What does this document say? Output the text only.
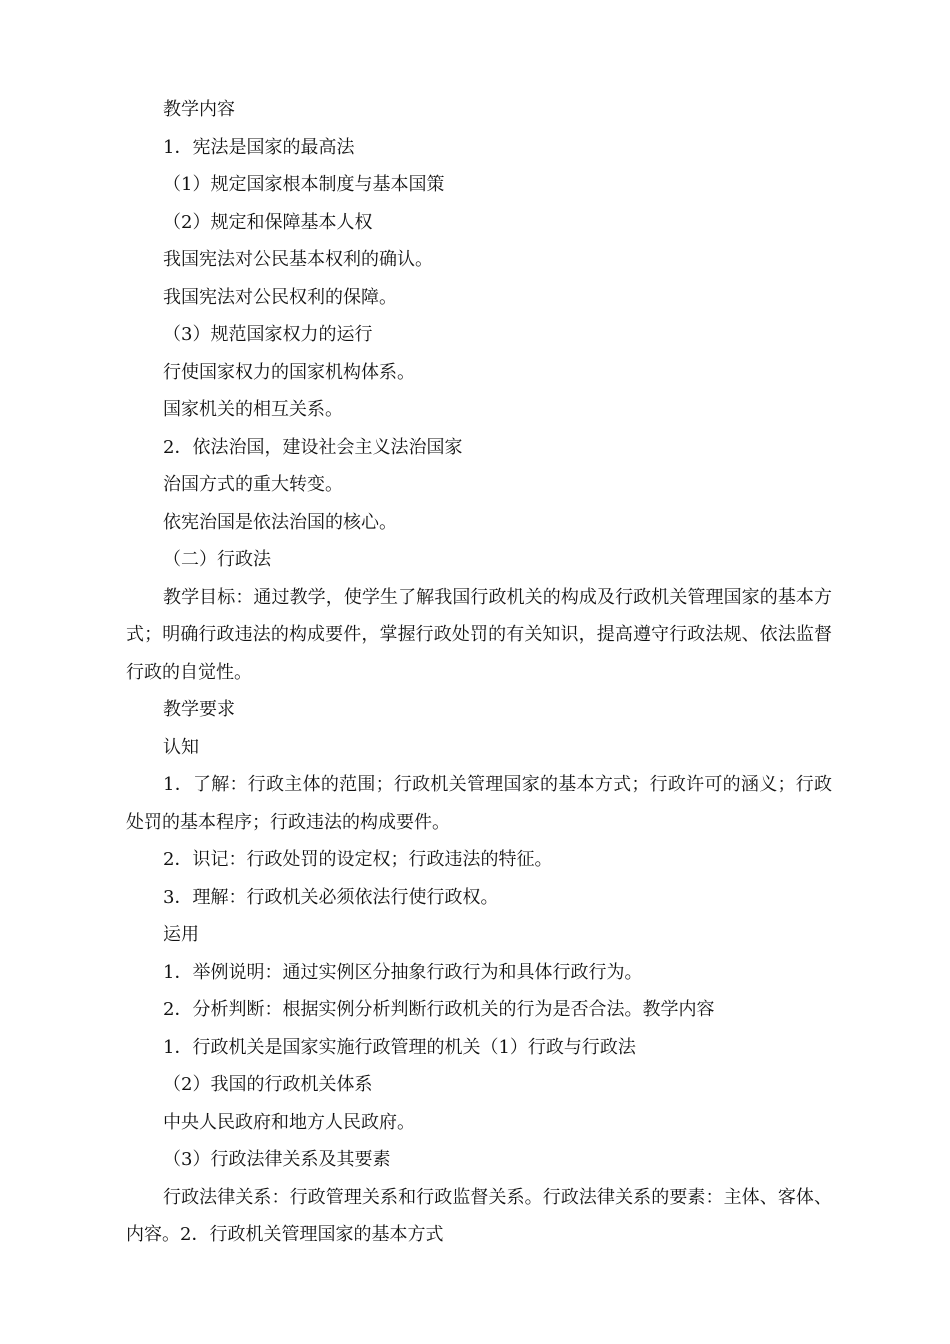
教学内容

1．宪法是国家的最高法

（1）规定国家根本制度与基本国策

（2）规定和保障基本人权

我国宪法对公民基本权利的确认。

我国宪法对公民权利的保障。

（3）规范国家权力的运行

行使国家权力的国家机构体系。

国家机关的相互关系。

2．依法治国，建设社会主义法治国家

治国方式的重大转变。

依宪治国是依法治国的核心。

（二）行政法

教学目标：通过教学，使学生了解我国行政机关的构成及行政机关管理国家的基本方式；明确行政违法的构成要件，掌握行政处罚的有关知识，提高遵守行政法规、依法监督行政的自觉性。

教学要求

认知

1．了解：行政主体的范围；行政机关管理国家的基本方式；行政许可的涵义；行政处罚的基本程序；行政违法的构成要件。

2．识记：行政处罚的设定权；行政违法的特征。

3．理解：行政机关必须依法行使行政权。

运用

1．举例说明：通过实例区分抽象行政行为和具体行政行为。

2．分析判断：根据实例分析判断行政机关的行为是否合法。教学内容

1．行政机关是国家实施行政管理的机关（1）行政与行政法

（2）我国的行政机关体系

中央人民政府和地方人民政府。

（3）行政法律关系及其要素

行政法律关系：行政管理关系和行政监督关系。行政法律关系的要素：主体、客体、内容。2．行政机关管理国家的基本方式
